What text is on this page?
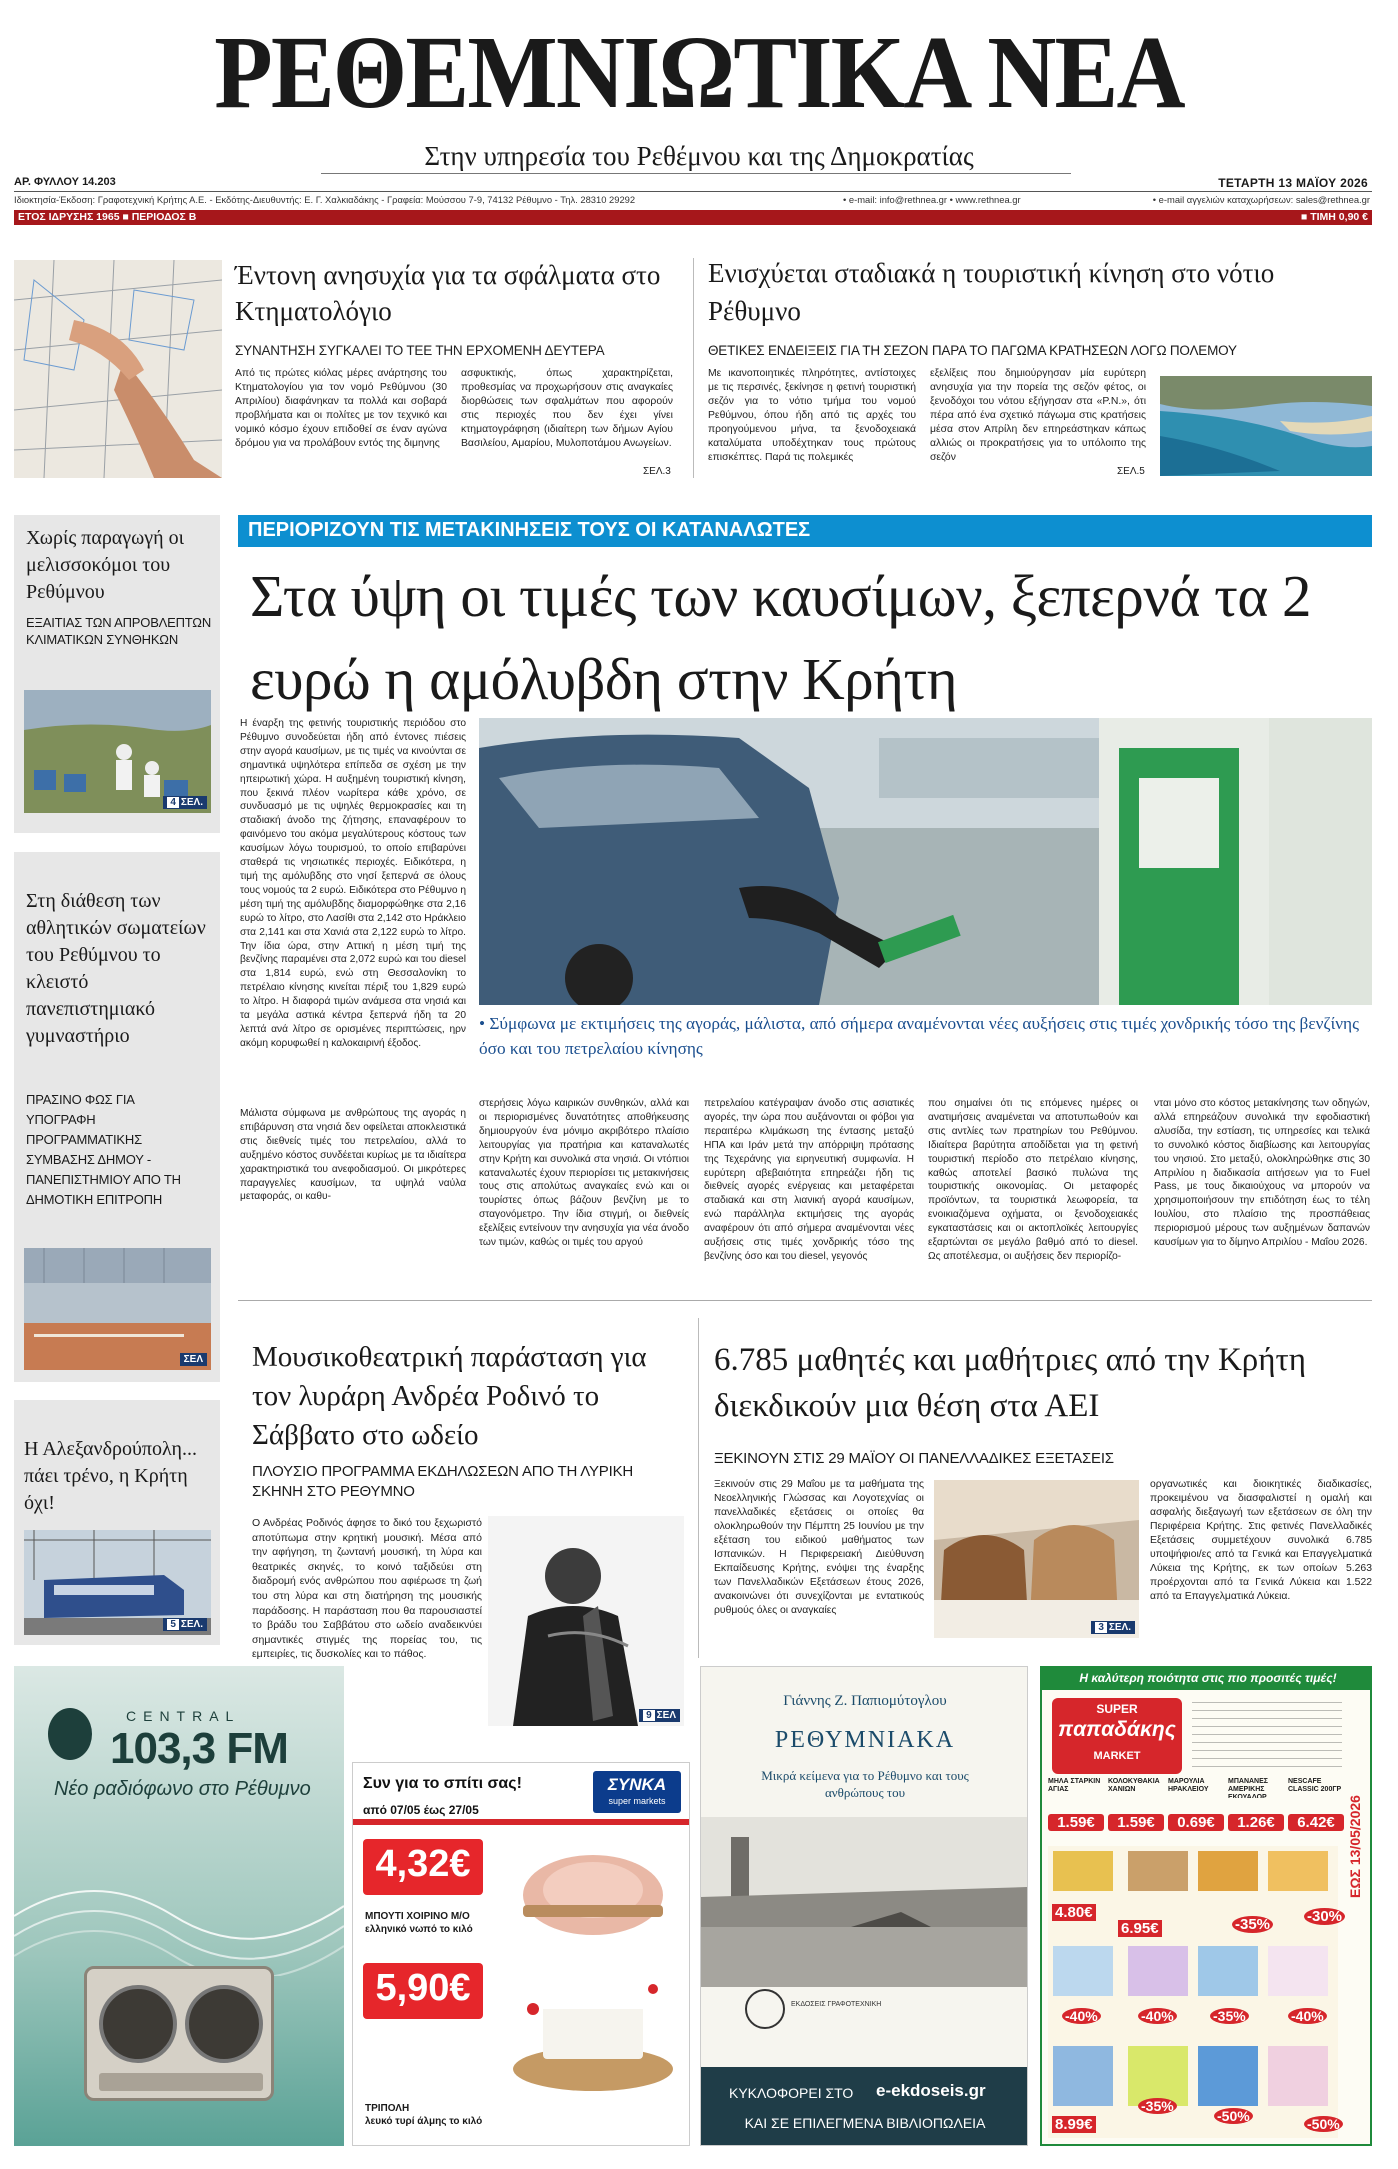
ΡΕΘΕΜΝΙΩΤΙΚΑ ΝΕΑ
Στην υπηρεσία του Ρεθέμνου και της Δημοκρατίας
ΑΡ. ΦΥΛΛΟΥ 14.203	ΤΕΤΑΡΤΗ 13 ΜΑΪΟΥ 2026
Ιδιοκτησία-Έκδοση: Γραφοτεχνική Κρήτης Α.Ε. - Εκδότης-Διευθυντής: Ε. Γ. Χαλκιαδάκης - Γραφεία: Μούσσου 7-9, 74132 Ρέθυμνο - Τηλ. 28310 29292	• e-mail: info@rethnea.gr • www.rethnea.gr	• e-mail αγγελιών καταχωρήσεων: sales@rethnea.gr
ΕΤΟΣ ΙΔΡΥΣΗΣ 1965 ■ ΠΕΡΙΟΔΟΣ Β	■ ΤΙΜΗ 0,90 €
Έντονη ανησυχία για τα σφάλματα στο Κτηματολόγιο
ΣΥΝΑΝΤΗΣΗ ΣΥΓΚΑΛΕΙ ΤΟ ΤΕΕ ΤΗΝ ΕΡΧΟΜΕΝΗ ΔΕΥΤΕΡΑ
Από τις πρώτες κιόλας μέρες ανάρτησης του Κτηματολογίου για τον νομό Ρεθύμνου (30 Απριλίου) διαφάνηκαν τα πολλά και σοβαρά προβλήματα και οι πολίτες με τον τεχνικό και νομικό κόσμο έχουν επιδοθεί σε έναν αγώνα δρόμου για να προλάβουν εντός της διμηνης
ασφυκτικής, όπως χαρακτηρίζεται, προθεσμίας να προχωρήσουν στις αναγκαίες διορθώσεις των σφαλμάτων που αφορούν στις περιοχές που δεν έχει γίνει κτηματογράφηση (ιδιαίτερη των δήμων Αγίου Βασιλείου, Αμαρίου, Μυλοποτάμου Ανωγείων.
ΣΕΛ.3
Ενισχύεται σταδιακά η τουριστική κίνηση στο νότιο Ρέθυμνο
ΘΕΤΙΚΕΣ ΕΝΔΕΙΞΕΙΣ ΓΙΑ ΤΗ ΣΕΖΟΝ ΠΑΡΑ ΤΟ ΠΑΓΩΜΑ ΚΡΑΤΗΣΕΩΝ ΛΟΓΩ ΠΟΛΕΜΟΥ
Με ικανοποιητικές πληρότητες, αντίστοιχες με τις περσινές, ξεκίνησε η φετινή τουριστική σεζόν για το νότιο τμήμα του νομού Ρεθύμνου, όπου ήδη από τις αρχές του προηγούμενου μήνα, τα ξενοδοχειακά καταλύματα υποδέχτηκαν τους πρώτους επισκέπτες. Παρά τις πολεμικές
εξελίξεις που δημιούργησαν μία ευρύτερη ανησυχία για την πορεία της σεζόν φέτος, οι ξενοδόχοι του νότου εξήγησαν στα «Ρ.Ν.», ότι πέρα από ένα σχετικό πάγωμα στις κρατήσεις μέσα στον Απρίλη δεν επηρεάστηκαν κάπως αλλιώς οι προκρατήσεις για το υπόλοιπο της σεζόν
ΣΕΛ.5
Χωρίς παραγωγή οι μελισσοκόμοι του Ρεθύμνου
ΕΞΑΙΤΙΑΣ ΤΩΝ ΑΠΡΟΒΛΕΠΤΩΝ ΚΛΙΜΑΤΙΚΩΝ ΣΥΝΘΗΚΩΝ
4 ΣΕΛ.
Στη διάθεση των αθλητικών σωματείων του Ρεθύμνου το κλειστό πανεπιστημιακό γυμναστήριο
ΠΡΑΣΙΝΟ ΦΩΣ ΓΙΑ ΥΠΟΓΡΑΦΗ ΠΡΟΓΡΑΜΜΑΤΙΚΗΣ ΣΥΜΒΑΣΗΣ ΔΗΜΟΥ - ΠΑΝΕΠΙΣΤΗΜΙΟΥ ΑΠΟ ΤΗ ΔΗΜΟΤΙΚΗ ΕΠΙΤΡΟΠΗ
ΣΕΛ
Η Αλεξανδρούπολη... πάει τρένο, η Κρήτη όχι!
5 ΣΕΛ.
ΠΕΡΙΟΡΙΖΟΥΝ ΤΙΣ ΜΕΤΑΚΙΝΗΣΕΙΣ ΤΟΥΣ ΟΙ ΚΑΤΑΝΑΛΩΤΕΣ
Στα ύψη οι τιμές των καυσίμων, ξεπερνά τα 2 ευρώ η αμόλυβδη στην Κρήτη
Η έναρξη της φετινής τουριστικής περιόδου στο Ρέθυμνο συνοδεύεται ήδη από έντονες πιέσεις στην αγορά καυσίμων, με τις τιμές να κινούνται σε σημαντικά υψηλότερα επίπεδα σε σχέση με την ηπειρωτική χώρα. Η αυξημένη τουριστική κίνηση, που ξεκινά πλέον νωρίτερα κάθε χρόνο, σε συνδυασμό με τις υψηλές θερμοκρασίες και τη σταδιακή άνοδο της ζήτησης, επαναφέρουν το φαινόμενο του ακόμα μεγαλύτερους κόστους των καυσίμων λόγω τουρισμού, το οποίο επιβαρύνει σταθερά τις νησιωτικές περιοχές. Ειδικότερα, η τιμή της αμόλυβδης στο νησί ξεπερνά σε όλους τους νομούς τα 2 ευρώ. Ειδικότερα στο Ρέθυμνο η μέση τιμή της αμόλυβδης διαμορφώθηκε στα 2,16 ευρώ το λίτρο, στο Λασίθι στα 2,142 στο Ηράκλειο στα 2,141 και στα Χανιά στα 2,122 ευρώ το λίτρο. Την ίδια ώρα, στην Αττική η μέση τιμή της βενζίνης παραμένει στα 2,072 ευρώ και του diesel στα 1,814 ευρώ, ενώ στη Θεσσαλονίκη το πετρέλαιο κίνησης κινείται πέριξ του 1,829 ευρώ το λίτρο. Η διαφορά τιμών ανάμεσα στα νησιά και τα μεγάλα αστικά κέντρα ξεπερνά ήδη τα 20 λεπτά ανά λίτρο σε ορισμένες περιπτώσεις, ηρν ακόμη κορυφωθεί η καλοκαιρινή έξοδος.
• Σύμφωνα με εκτιμήσεις της αγοράς, μάλιστα, από σήμερα αναμένονται νέες αυξήσεις στις τιμές χονδρικής τόσο της βενζίνης όσο και του πετρελαίου κίνησης
Μάλιστα σύμφωνα με ανθρώπους της αγοράς η επιβάρυνση στα νησιά δεν οφείλεται αποκλειστικά στις διεθνείς τιμές του πετρελαίου, αλλά το αυξημένο κόστος συνδέεται κυρίως με τα ιδιαίτερα χαρακτηριστικά του ανεφοδιασμού. Οι μικρότερες παραγγελίες καυσίμων, τα υψηλά ναύλα μεταφοράς, οι καθυ-
στερήσεις λόγω καιρικών συνθηκών, αλλά και οι περιορισμένες δυνατότητες αποθήκευσης δημιουργούν ένα μόνιμο ακριβότερο πλαίσιο λειτουργίας για πρατήρια και καταναλωτές στην Κρήτη και συνολικά στα νησιά. Οι ντόπιοι καταναλωτές έχουν περιορίσει τις μετακινήσεις τους στις απολύτως αναγκαίες ενώ και οι τουρίστες όπως βάζουν βενζίνη με το σταγονόμετρο. Την ίδια στιγμή, οι διεθνείς εξελίξεις εντείνουν την ανησυχία για νέα άνοδο των τιμών, καθώς οι τιμές του αργού
πετρελαίου κατέγραψαν άνοδο στις ασιατικές αγορές, την ώρα που αυξάνονται οι φόβοι για περαιτέρω κλιμάκωση της έντασης μεταξύ ΗΠΑ και Ιράν μετά την απόρριψη πρότασης της Τεχεράνης για ειρηνευτική συμφωνία. Η ευρύτερη αβεβαιότητα επηρεάζει ήδη τις διεθνείς αγορές ενέργειας και μεταφέρεται σταδιακά και στη λιανική αγορά καυσίμων, ενώ παράλληλα εκτιμήσεις της αγοράς αναφέρουν ότι από σήμερα αναμένονται νέες αυξήσεις στις τιμές χονδρικής τόσο της βενζίνης όσο και του diesel, γεγονός
που σημαίνει ότι τις επόμενες ημέρες οι ανατιμήσεις αναμένεται να αποτυπωθούν και στις αντλίες των πρατηρίων του Ρεθύμνου. Ιδιαίτερα βαρύτητα αποδίδεται για τη φετινή τουριστική περίοδο στο πετρέλαιο κίνησης, καθώς αποτελεί βασικό πυλώνα της τουριστικής οικονομίας. Οι μεταφορές προϊόντων, τα τουριστικά λεωφορεία, τα ενοικιαζόμενα οχήματα, οι ξενοδοχειακές εγκαταστάσεις και οι ακτοπλοϊκές λειτουργίες εξαρτώνται σε μεγάλο βαθμό από το diesel. Ως αποτέλεσμα, οι αυξήσεις δεν περιορίζο-
νται μόνο στο κόστος μετακίνησης των οδηγών, αλλά επηρεάζουν συνολικά την εφοδιαστική αλυσίδα, την εστίαση, τις υπηρεσίες και τελικά το συνολικό κόστος διαβίωσης και λειτουργίας του νησιού. Στο μεταξύ, ολοκληρώθηκε στις 30 Απριλίου η διαδικασία αιτήσεων για το Fuel Pass, με τους δικαιούχους να μπορούν να χρησιμοποιήσουν την επιδότηση έως το τέλη Ιουλίου, στο πλαίσιο της προσπάθειας περιορισμού μέρους των αυξημένων δαπανών καυσίμων για το δίμηνο Απριλίου - Μαΐου 2026.
Μουσικοθεατρική παράσταση για τον λυράρη Ανδρέα Ροδινό το Σάββατο στο ωδείο
ΠΛΟΥΣΙΟ ΠΡΟΓΡΑΜΜΑ ΕΚΔΗΛΩΣΕΩΝ ΑΠΟ ΤΗ ΛΥΡΙΚΗ ΣΚΗΝΗ ΣΤΟ ΡΕΘΥΜΝΟ
Ο Ανδρέας Ροδινός άφησε το δικό του ξεχωριστό αποτύπωμα στην κρητική μουσική. Μέσα από την αφήγηση, τη ζωντανή μουσική, τη λύρα και θεατρικές σκηνές, το κοινό ταξιδεύει στη διαδρομή ενός ανθρώπου που αφιέρωσε τη ζωή του στη λύρα και στη διατήρηση της μουσικής παράδοσης. Η παράσταση που θα παρουσιαστεί το βράδυ του Σαββάτου στο ωδείο αναδεικνύει σημαντικές στιγμές της πορείας του, τις εμπειρίες, τις δυσκολίες και το πάθος.
9 ΣΕΛ
6.785 μαθητές και μαθήτριες από την Κρήτη διεκδικούν μια θέση στα ΑΕΙ
ΞΕΚΙΝΟΥΝ ΣΤΙΣ 29 ΜΑΪΟΥ ΟΙ ΠΑΝΕΛΛΑΔΙΚΕΣ ΕΞΕΤΑΣΕΙΣ
Ξεκινούν στις 29 Μαΐου με τα μαθήματα της Νεοελληνικής Γλώσσας και Λογοτεχνίας οι πανελλαδικές εξετάσεις οι οποίες θα ολοκληρωθούν την Πέμπτη 25 Ιουνίου με την εξέταση του ειδικού μαθήματος των Ισπανικών. Η Περιφερειακή Διεύθυνση Εκπαίδευσης Κρήτης, ενόψει της έναρξης των Πανελλαδικών Εξετάσεων έτους 2026, ανακοινώνει ότι συνεχίζονται με εντατικούς ρυθμούς όλες οι αναγκαίες
3 ΣΕΛ.
οργανωτικές και διοικητικές διαδικασίες, προκειμένου να διασφαλιστεί η ομαλή και ασφαλής διεξαγωγή των εξετάσεων σε όλη την Περιφέρεια Κρήτης. Στις φετινές Πανελλαδικές Εξετάσεις συμμετέχουν συνολικά 6.785 υποψήφιοι/ες από τα Γενικά και Επαγγελματικά Λύκεια της Κρήτης, εκ των οποίων 5.263 προέρχονται από τα Γενικά Λύκεια και 1.522 από τα Επαγγελματικά Λύκεια.
CENTRAL
103,3 FM
Νέο ραδιόφωνο στο Ρέθυμνο	Συν για το σπίτι σας!
από 07/05 έως 27/05
ΣΥΝΚΑ
super markets
4,32€
ΜΠΟΥΤΙ ΧΟΙΡΙΝΟ Μ/Ο
ελληνικό νωπό το κιλό
5,90€
ΤΡΙΠΟΛΗ
λευκό τυρί άλμης το κιλό
Γιάννης Ζ. Παπιομύτογλου
ΡΕΘΥΜΝΙΑΚΑ
Μικρά κείμενα για το Ρέθυμνο και τους ανθρώπους του
ΕΚΔΟΣΕΙΣ ΓΡΑΦΟΤΕΧΝΙΚΗ
ΚΥΚΛΟΦΟΡΕΙ ΣΤΟ e-ekdoseis.gr
ΚΑΙ ΣΕ ΕΠΙΛΕΓΜΕΝΑ ΒΙΒΛΙΟΠΩΛΕΙΑ
Η καλύτερη ποιότητα στις πιο προσιτές τιμές!
SUPER
παπαδάκης
MARKET
ΕΩΣ 13/05/2026
ΜΗΛΑ ΣΤΑΡΚΙΝ ΑΓΙΑΣ
1.59€
ΚΟΛΟΚΥΘΑΚΙΑ ΧΑΝΙΩΝ
1.59€
ΜΑΡΟΥΛΙΑ ΗΡΑΚΛΕΙΟΥ
0.69€
ΜΠΑΝΑΝΕΣ ΑΜΕΡΙΚΗΣ ΕΚΟΥΑΔΟΡ
1.26€
NESCAFE CLASSIC 200ΓΡ
6.42€
4.80€
6.95€	-35% -30%
-40%	-40%	-35%	-40%
-35%
-50%
8.99€	-50%
